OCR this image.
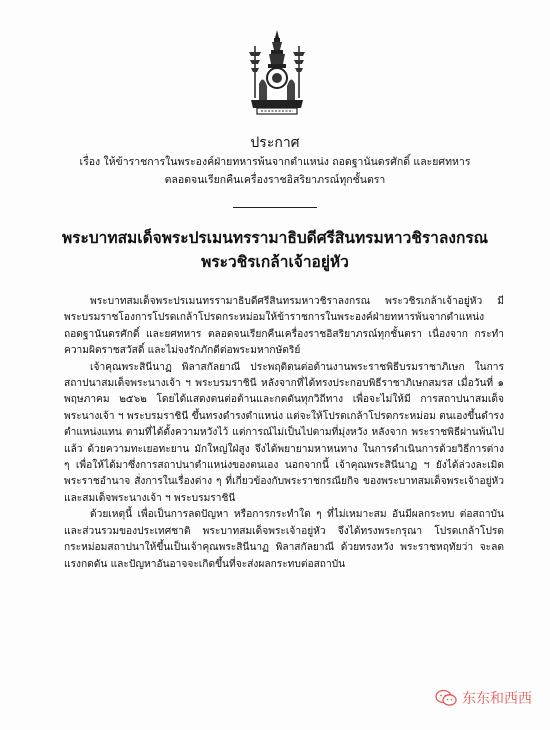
ประกาศ
เรื่อง ให้ข้าราชการในพระองค์ฝ่ายทหารพ้นจากตำแหน่ง ถอดฐานันดรศักดิ์ และยศทหาร
ตลอดจนเรียกคืนเครื่องราชอิสริยาภรณ์ทุกชั้นตรา
พระบาทสมเด็จพระปรเมนทรรามาธิบดีศรีสินทรมหาวชิราลงกรณ
พระวชิรเกล้าเจ้าอยู่หัว

พระบาทสมเด็จพระปรเมนทรรามาธิบดีศรีสินทรมหาวชิราลงกรณ พระวชิรเกล้าเจ้าอยู่หัว มีพระบรมราชโองการโปรดเกล้าโปรดกระหม่อมให้ข้าราชการในพระองค์ฝ่ายทหารพ้นจากตำแหน่ง ถอดฐานันดรศักดิ์ และยศทหาร ตลอดจนเรียกคืนเครื่องราชอิสริยาภรณ์ทุกชั้นตรา เนื่องจาก กระทำความผิดราชสวัสดิ์ และไม่จงรักภักดีต่อพระมหากษัตริย์

เจ้าคุณพระสินีนาฏ พิลาสกัลยาณี ประพฤติตนต่อต้านงานพระราชพิธีบรมราชาภิเษก ในการสถาปนาสมเด็จพระนางเจ้า ฯ พระบรมราชินี หลังจากที่ได้ทรงประกอบพิธีราชาภิเษกสมรส เมื่อวันที่ ๑ พฤษภาคม ๒๕๖๒ โดยได้แสดงตนต่อต้านและกดดันทุกวิถีทาง เพื่อจะไม่ให้มี การสถาปนาสมเด็จพระนางเจ้า ฯ พระบรมราชินี ขึ้นทรงดำรงตำแหน่ง แต่จะให้โปรดเกล้าโปรดกระหม่อม ตนเองขึ้นดำรงตำแหน่งแทน ตามที่ได้ตั้งความหวังไว้ แต่การณ์ไม่เป็นไปตามที่มุ่งหวัง หลังจาก พระราชพิธีผ่านพ้นไปแล้ว ด้วยความทะเยอทะยาน มักใหญ่ใฝ่สูง จึงได้พยายามหาหนทาง ในการดำเนินการด้วยวิธีการต่าง ๆ เพื่อให้ได้มาซึ่งการสถาปนาตำแหน่งของตนเอง นอกจากนี้ เจ้าคุณพระสินีนาฏ ฯ ยังได้ล่วงละเมิดพระราชอำนาจ สั่งการในเรื่องต่าง ๆ ที่เกี่ยวข้องกับพระราชกรณียกิจ ของพระบาทสมเด็จพระเจ้าอยู่หัว และสมเด็จพระนางเจ้า ฯ พระบรมราชินี

ด้วยเหตุนี้ เพื่อเป็นการลดปัญหา หรือการกระทำใด ๆ ที่ไม่เหมาะสม อันมีผลกระทบ ต่อสถาบันและส่วนรวมของประเทศชาติ พระบาทสมเด็จพระเจ้าอยู่หัว จึงได้ทรงพระกรุณา โปรดเกล้าโปรดกระหม่อมสถาปนาให้ขึ้นเป็นเจ้าคุณพระสินีนาฏ พิลาสกัลยาณี ด้วยทรงหวัง พระราชหฤทัยว่า จะลดแรงกดดัน และปัญหาอันอาจจะเกิดขึ้นที่จะส่งผลกระทบต่อสถาบัน

东东和西西
